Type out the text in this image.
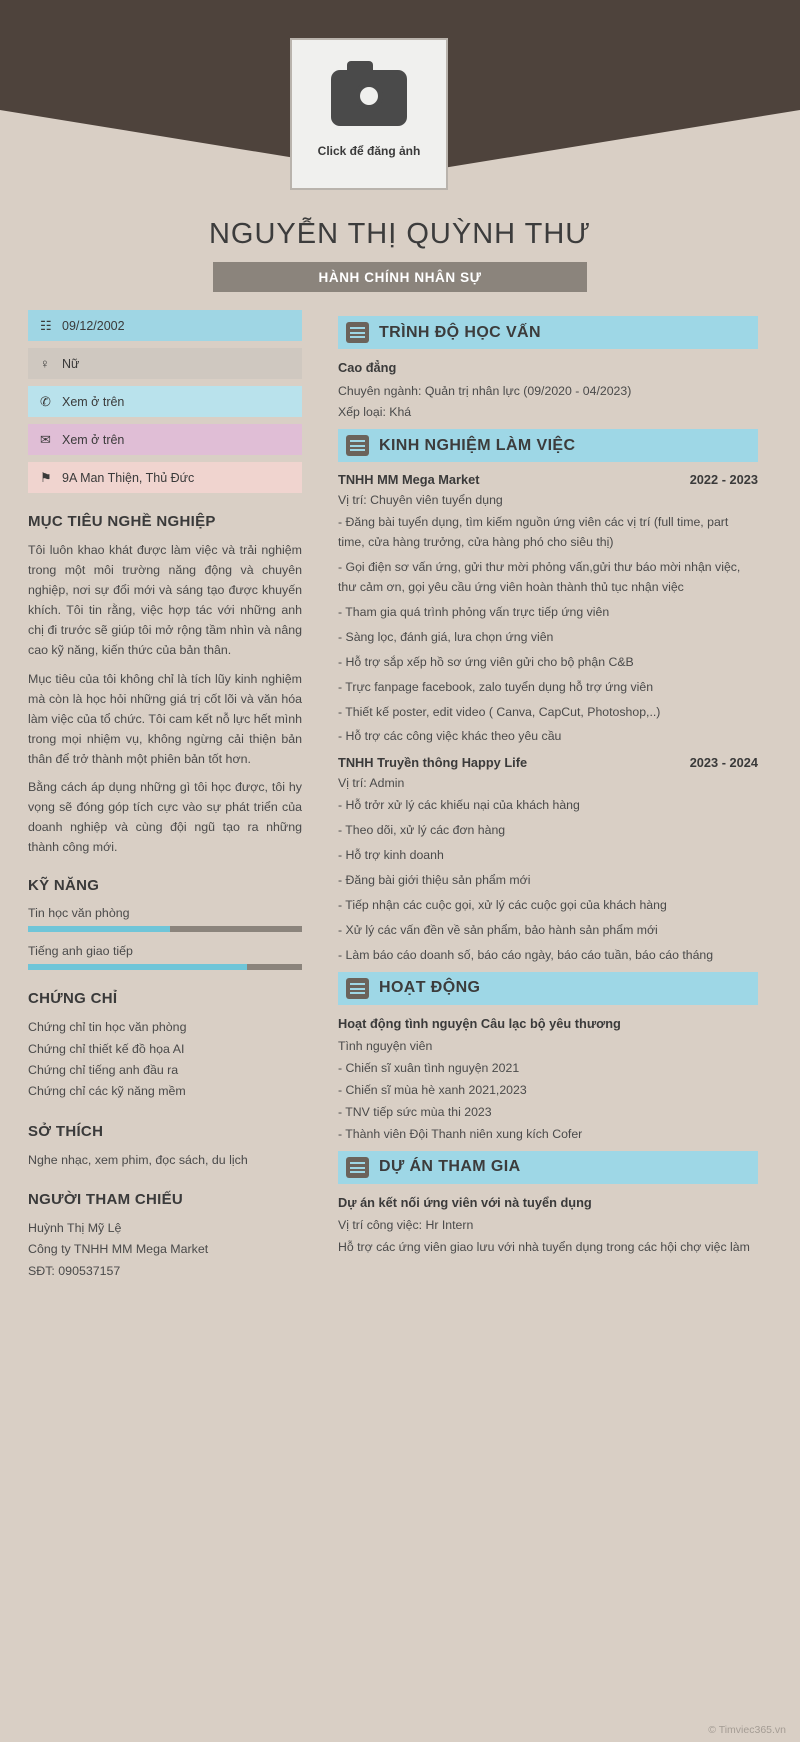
Click để đăng ảnh
NGUYỄN THỊ QUỲNH THƯ
HÀNH CHÍNH NHÂN SỰ
☷ 09/12/2002
♀ Nữ
✆ Xem ở trên
✉ Xem ở trên
⚑ 9A Man Thiện, Thủ Đức
MỤC TIÊU NGHỀ NGHIỆP

Tôi luôn khao khát được làm việc và trải nghiệm trong một môi trường năng động và chuyên nghiệp, nơi sự đổi mới và sáng tạo được khuyến khích. Tôi tin rằng, việc hợp tác với những anh chị đi trước sẽ giúp tôi mở rộng tầm nhìn và nâng cao kỹ năng, kiến thức của bản thân.

Mục tiêu của tôi không chỉ là tích lũy kinh nghiệm mà còn là học hỏi những giá trị cốt lõi và văn hóa làm việc của tổ chức. Tôi cam kết nỗ lực hết mình trong mọi nhiệm vụ, không ngừng cải thiện bản thân để trở thành một phiên bản tốt hơn.

Bằng cách áp dụng những gì tôi học được, tôi hy vọng sẽ đóng góp tích cực vào sự phát triển của doanh nghiệp và cùng đội ngũ tạo ra những thành công mới.

KỸ NĂNG
Tin học văn phòng
Tiếng anh giao tiếp
CHỨNG CHỈ

Chứng chỉ tin học văn phòng

Chứng chỉ thiết kế đồ họa AI

Chứng chỉ tiếng anh đầu ra

Chứng chỉ các kỹ năng mềm

SỞ THÍCH

Nghe nhạc, xem phim, đọc sách, du lịch

NGƯỜI THAM CHIẾU

Huỳnh Thị Mỹ Lệ

Công ty TNHH MM Mega Market

SĐT: 090537157

TRÌNH ĐỘ HỌC VẤN
Cao đẳng

Chuyên ngành: Quản trị nhân lực (09/2020 - 04/2023)

Xếp loại: Khá

KINH NGHIỆM LÀM VIỆC
TNHH MM Mega Market	2022 - 2023

Vị trí: Chuyên viên tuyển dụng

- Đăng bài tuyển dụng, tìm kiếm nguồn ứng viên các vị trí (full time, part time, cửa hàng trưởng, cửa hàng phó cho siêu thị)

- Gọi điện sơ vấn ứng, gửi thư mời phỏng vấn,gửi thư báo mời nhận việc, thư cảm ơn, gọi yêu cầu ứng viên hoàn thành thủ tục nhận việc

- Tham gia quá trình phỏng vấn trực tiếp ứng viên

- Sàng lọc, đánh giá, lưa chọn ứng viên

- Hỗ trợ sắp xếp hồ sơ ứng viên gửi cho bộ phận C&B

- Trực fanpage facebook, zalo tuyển dụng hỗ trợ ứng viên

- Thiết kế poster, edit video ( Canva, CapCut, Photoshop,..)

- Hỗ trợ các công việc khác theo yêu cầu

TNHH Truyền thông Happy Life	2023 - 2024

Vị trí: Admin

- Hỗ trởr xử lý các khiếu nại của khách hàng

- Theo dõi, xử lý các đơn hàng

- Hỗ trợ kinh doanh

- Đăng bài giới thiệu sản phẩm mới

- Tiếp nhận các cuộc gọi, xử lý các cuộc gọi của khách hàng

- Xử lý các vấn đền về sản phẩm, bảo hành sản phẩm mới

- Làm báo cáo doanh số, báo cáo ngày, báo cáo tuần, báo cáo tháng

HOẠT ĐỘNG
Hoạt động tình nguyện Câu lạc bộ yêu thương

Tình nguyện viên

- Chiến sĩ xuân tình nguyện 2021

- Chiến sĩ mùa hè xanh 2021,2023

- TNV tiếp sức mùa thi 2023

- Thành viên Đội Thanh niên xung kích Cofer

DỰ ÁN THAM GIA
Dự án kết nối ứng viên với nà tuyển dụng

Vị trí công việc: Hr Intern

Hỗ trợ các ứng viên giao lưu với nhà tuyển dụng trong các hội chợ việc làm

© Timviec365.vn
